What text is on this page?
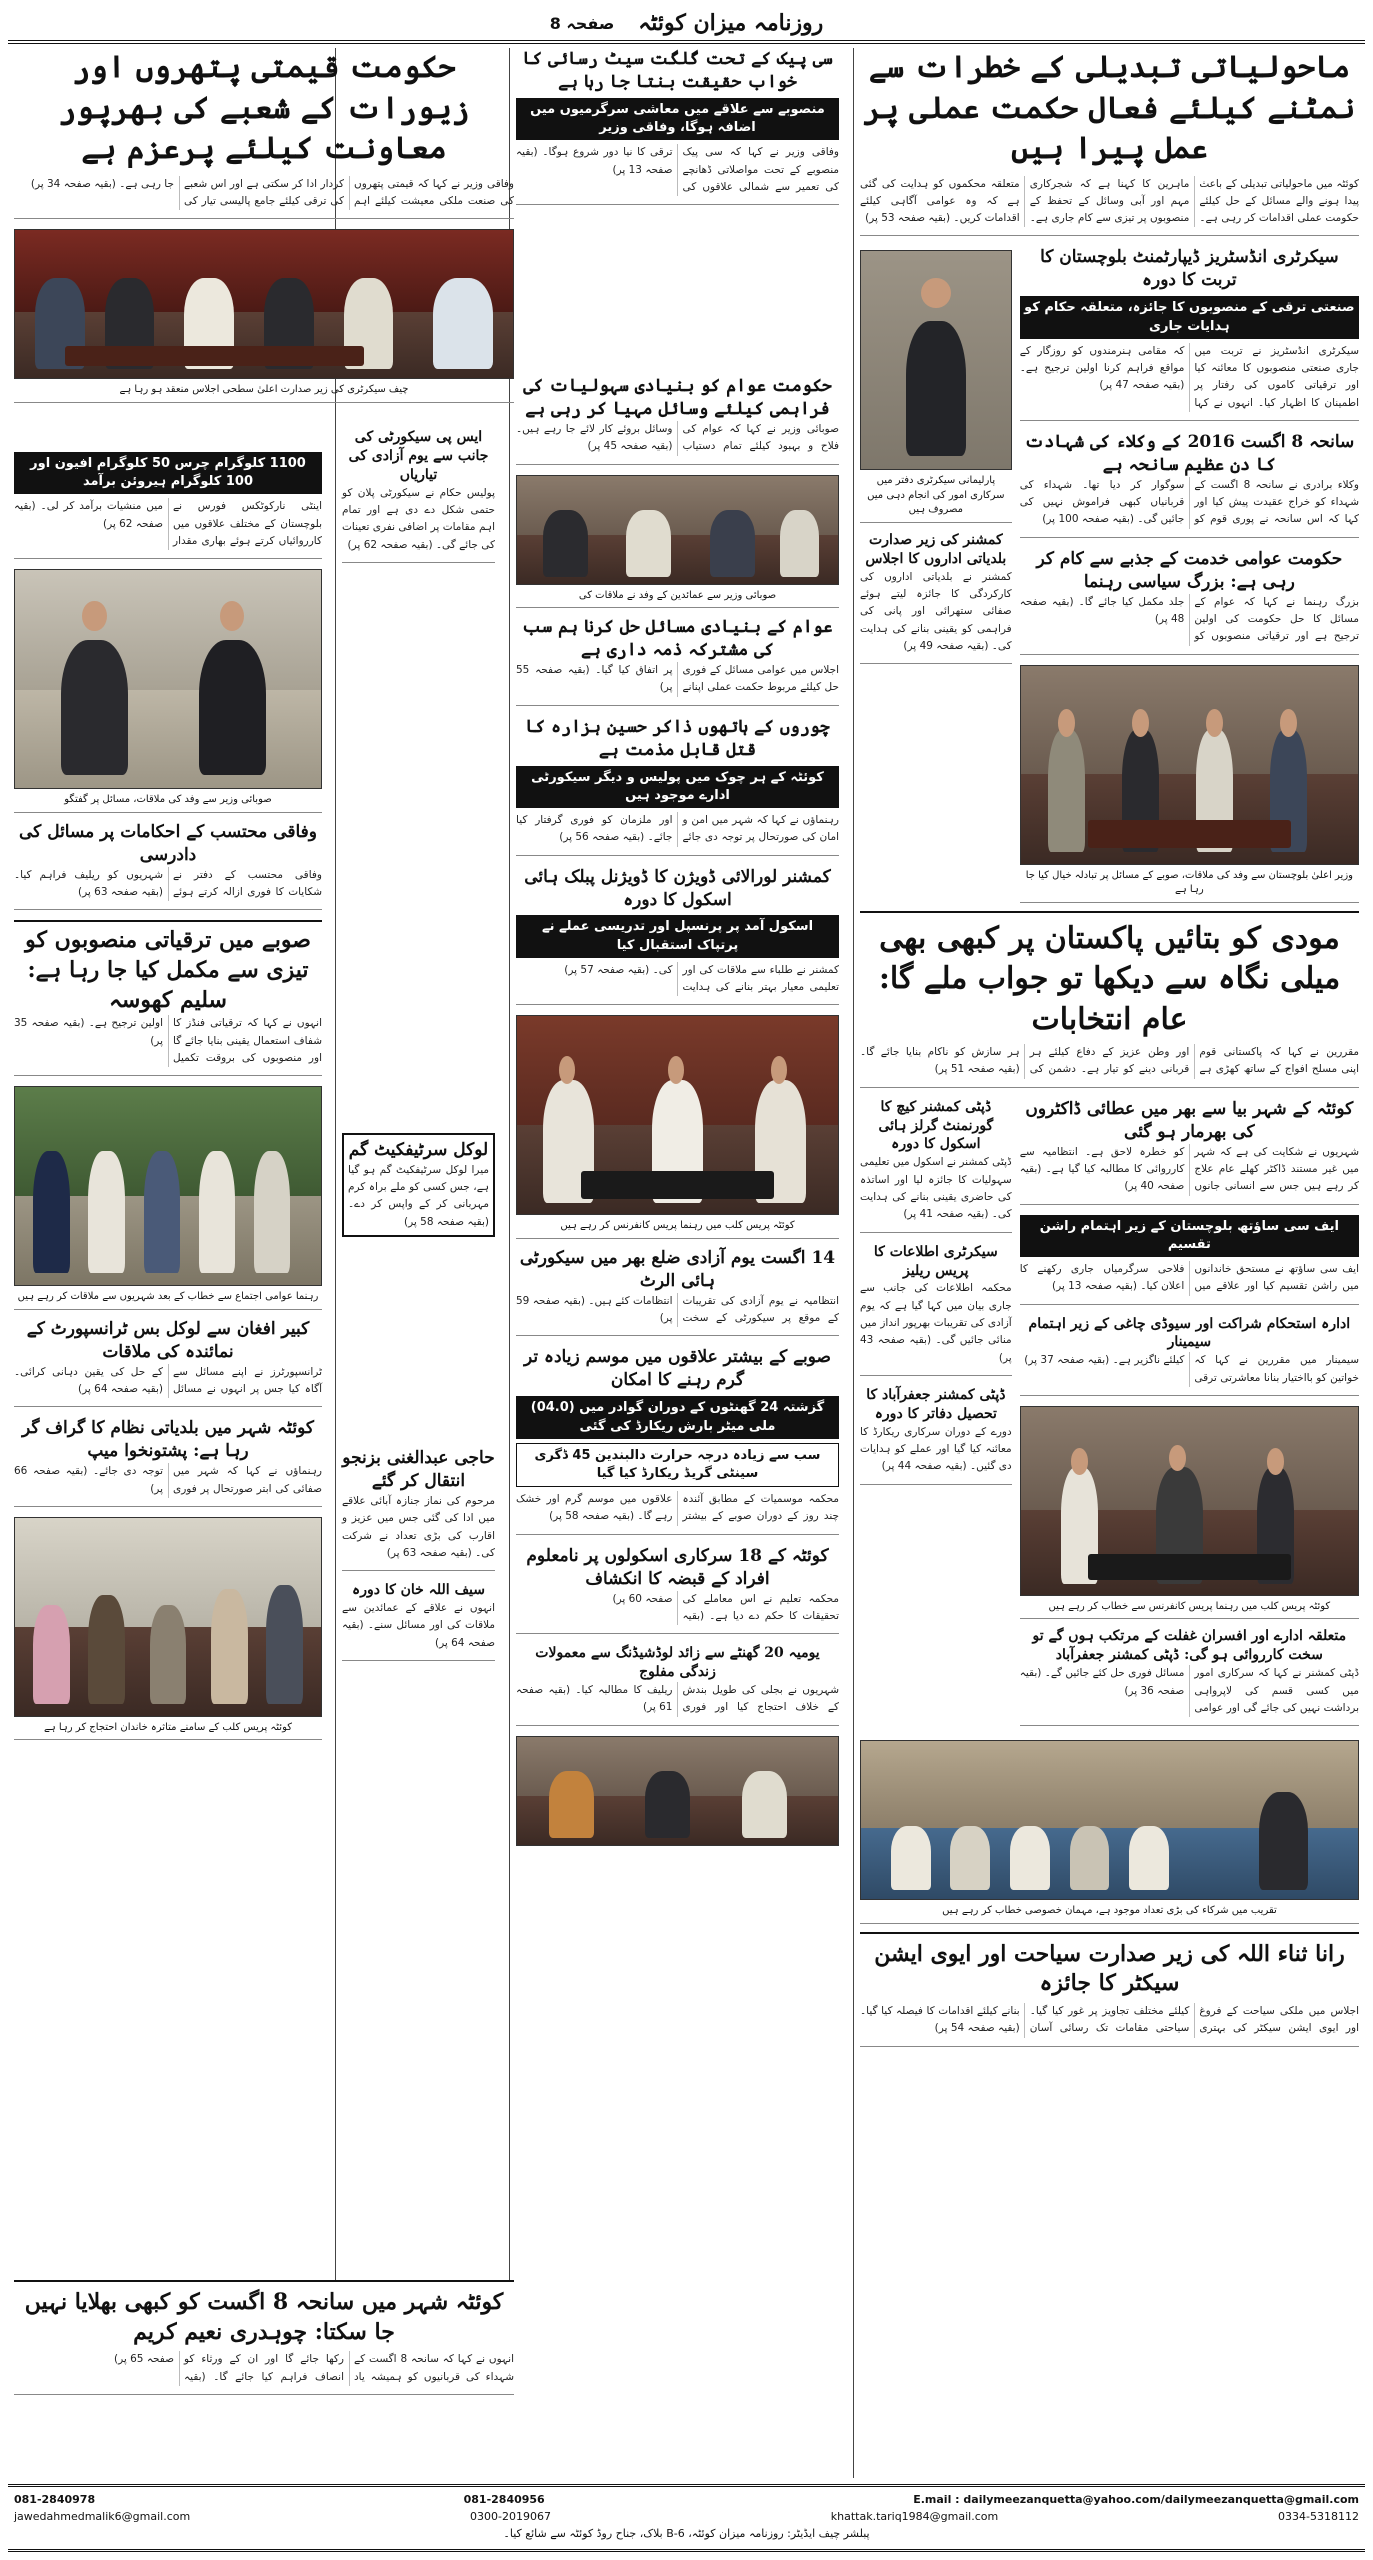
روزنامہ میزان کوئٹہ
صفحہ 8
ماحولیاتی تبدیلی کے خطرات سے نمٹنے کیلئے فعال حکمت عملی پر عمل پیرا ہیں
کوئٹہ میں ماحولیاتی تبدیلی کے باعث پیدا ہونے والے مسائل کے حل کیلئے حکومت عملی اقدامات کر رہی ہے۔ ماہرین کا کہنا ہے کہ شجرکاری مہم اور آبی وسائل کے تحفظ کے منصوبوں پر تیزی سے کام جاری ہے۔ متعلقہ محکموں کو ہدایت کی گئی ہے کہ وہ عوامی آگاہی کیلئے اقدامات کریں۔ (بقیہ صفحہ 53 پر)
سیکرٹری انڈسٹریز ڈیپارٹمنٹ بلوچستان کا تربت کا دورہ
صنعتی ترقی کے منصوبوں کا جائزہ، متعلقہ حکام کو ہدایات جاری
سیکرٹری انڈسٹریز نے تربت میں جاری صنعتی منصوبوں کا معائنہ کیا اور ترقیاتی کاموں کی رفتار پر اطمینان کا اظہار کیا۔ انہوں نے کہا کہ مقامی ہنرمندوں کو روزگار کے مواقع فراہم کرنا اولین ترجیح ہے۔ (بقیہ صفحہ 47 پر)
سانحہ 8 اگست 2016 کے وکلاء کی شہادت کا دن عظیم سانحہ ہے
وکلاء برادری نے سانحہ 8 اگست کے شہداء کو خراج عقیدت پیش کیا اور کہا کہ اس سانحہ نے پوری قوم کو سوگوار کر دیا تھا۔ شہداء کی قربانیاں کبھی فراموش نہیں کی جائیں گی۔ (بقیہ صفحہ 100 پر)
حکومت عوامی خدمت کے جذبے سے کام کر رہی ہے: بزرگ سیاسی رہنما
بزرگ رہنما نے کہا کہ عوام کے مسائل کا حل حکومت کی اولین ترجیح ہے اور ترقیاتی منصوبوں کو جلد مکمل کیا جائے گا۔ (بقیہ صفحہ 48 پر)
وزیر اعلیٰ بلوچستان سے وفد کی ملاقات، صوبے کے مسائل پر تبادلہ خیال کیا جا رہا ہے
پارلیمانی سیکرٹری دفتر میں سرکاری امور کی انجام دہی میں مصروف ہیں
کمشنر کی زیر صدارت بلدیاتی اداروں کا اجلاس
کمشنر نے بلدیاتی اداروں کی کارکردگی کا جائزہ لیتے ہوئے صفائی ستھرائی اور پانی کی فراہمی کو یقینی بنانے کی ہدایت کی۔ (بقیہ صفحہ 49 پر)
مودی کو بتائیں پاکستان پر کبھی بھی میلی نگاہ سے دیکھا تو جواب ملے گا: عام انتخابات
مقررین نے کہا کہ پاکستانی قوم اپنی مسلح افواج کے ساتھ کھڑی ہے اور وطن عزیز کے دفاع کیلئے ہر قربانی دینے کو تیار ہے۔ دشمن کی ہر سازش کو ناکام بنایا جائے گا۔ (بقیہ صفحہ 51 پر)
کوئٹہ کے شہر بیا سے بھر میں عطائی ڈاکٹروں کی بھرمار ہو گئی
شہریوں نے شکایت کی ہے کہ شہر میں غیر مستند ڈاکٹر کھلے عام علاج کر رہے ہیں جس سے انسانی جانوں کو خطرہ لاحق ہے۔ انتظامیہ سے کارروائی کا مطالبہ کیا گیا ہے۔ (بقیہ صفحہ 40 پر)
ایف سی ساؤتھ بلوچستان کے زیر اہتمام راشن تقسیم
ایف سی ساؤتھ نے مستحق خاندانوں میں راشن تقسیم کیا اور علاقے میں فلاحی سرگرمیاں جاری رکھنے کا اعلان کیا۔ (بقیہ صفحہ 13 پر)
ادارہ استحکام شراکت اور سیوڈی چاغی کے زیر اہتمام سیمینار
سیمینار میں مقررین نے کہا کہ خواتین کو بااختیار بنانا معاشرتی ترقی کیلئے ناگزیر ہے۔ (بقیہ صفحہ 37 پر)
کوئٹہ پریس کلب میں رہنما پریس کانفرنس سے خطاب کر رہے ہیں
متعلقہ ادارے اور افسران غفلت کے مرتکب ہوں گے تو سخت کارروائی ہو گی: ڈپٹی کمشنر جعفرآباد
ڈپٹی کمشنر نے کہا کہ سرکاری امور میں کسی قسم کی لاپرواہی برداشت نہیں کی جائے گی اور عوامی مسائل فوری حل کئے جائیں گے۔ (بقیہ صفحہ 36 پر)
ڈپٹی کمشنر کیچ کا گورنمنٹ گرلز ہائی اسکول کا دورہ
ڈپٹی کمشنر نے اسکول میں تعلیمی سہولیات کا جائزہ لیا اور اساتذہ کی حاضری یقینی بنانے کی ہدایت کی۔ (بقیہ صفحہ 41 پر)
سیکرٹری اطلاعات کا پریس ریلیز
محکمہ اطلاعات کی جانب سے جاری بیان میں کہا گیا ہے کہ یوم آزادی کی تقریبات بھرپور انداز میں منائی جائیں گی۔ (بقیہ صفحہ 43 پر)
ڈپٹی کمشنر جعفرآباد کا تحصیل دفاتر کا دورہ
دورے کے دوران سرکاری ریکارڈ کا معائنہ کیا گیا اور عملے کو ہدایات دی گئیں۔ (بقیہ صفحہ 44 پر)
تقریب میں شرکاء کی بڑی تعداد موجود ہے، مہمان خصوصی خطاب کر رہے ہیں
رانا ثناء اللہ کی زیر صدارت سیاحت اور ایوی ایشن سیکٹر کا جائزہ
اجلاس میں ملکی سیاحت کے فروغ اور ایوی ایشن سیکٹر کی بہتری کیلئے مختلف تجاویز پر غور کیا گیا۔ سیاحتی مقامات تک رسائی آسان بنانے کیلئے اقدامات کا فیصلہ کیا گیا۔ (بقیہ صفحہ 54 پر)
سی پیک کے تحت گلگت سیٹ رسائی کا خواب حقیقت بنتا جا رہا ہے
منصوبے سے علاقے میں معاشی سرگرمیوں میں اضافہ ہوگا، وفاقی وزیر
وفاقی وزیر نے کہا کہ سی پیک منصوبے کے تحت مواصلاتی ڈھانچے کی تعمیر سے شمالی علاقوں کی ترقی کا نیا دور شروع ہوگا۔ (بقیہ صفحہ 13 پر)
حکومت عوام کو بنیادی سہولیات کی فراہمی کیلئے وسائل مہیا کر رہی ہے
صوبائی وزیر نے کہا کہ عوام کی فلاح و بہبود کیلئے تمام دستیاب وسائل بروئے کار لائے جا رہے ہیں۔ (بقیہ صفحہ 45 پر)
صوبائی وزیر سے عمائدین کے وفد نے ملاقات کی
عوام کے بنیادی مسائل حل کرنا ہم سب کی مشترکہ ذمہ داری ہے
اجلاس میں عوامی مسائل کے فوری حل کیلئے مربوط حکمت عملی اپنانے پر اتفاق کیا گیا۔ (بقیہ صفحہ 55 پر)
چوروں کے ہاتھوں ذاکر حسین ہزارہ کا قتل قابل مذمت ہے
کوئٹہ کے ہر چوک میں پولیس و دیگر سیکورٹی ادارے موجود ہیں
رہنماؤں نے کہا کہ شہر میں امن و امان کی صورتحال پر توجہ دی جائے اور ملزمان کو فوری گرفتار کیا جائے۔ (بقیہ صفحہ 56 پر)
کمشنر لورالائی ڈویژن کا ڈویژنل پبلک ہائی اسکول کا دورہ
اسکول آمد پر پرنسپل اور تدریسی عملے نے پرتپاک استقبال کیا
کمشنر نے طلباء سے ملاقات کی اور تعلیمی معیار بہتر بنانے کی ہدایت کی۔ (بقیہ صفحہ 57 پر)
کوئٹہ پریس کلب میں رہنما پریس کانفرنس کر رہے ہیں
14 اگست یوم آزادی ضلع بھر میں سیکورٹی ہائی الرٹ
انتظامیہ نے یوم آزادی کی تقریبات کے موقع پر سیکورٹی کے سخت انتظامات کئے ہیں۔ (بقیہ صفحہ 59 پر)
صوبے کے بیشتر علاقوں میں موسم زیادہ تر گرم رہنے کا امکان
گزشتہ 24 گھنٹوں کے دوران گوادر میں (04.0) ملی میٹر بارش ریکارڈ کی گئی
سب سے زیادہ درجہ حرارت دالبندین 45 ڈگری سینٹی گریڈ ریکارڈ کیا گیا
محکمہ موسمیات کے مطابق آئندہ چند روز کے دوران صوبے کے بیشتر علاقوں میں موسم گرم اور خشک رہے گا۔ (بقیہ صفحہ 58 پر)
کوئٹہ کے 18 سرکاری اسکولوں پر نامعلوم افراد کے قبضہ کا انکشاف
محکمہ تعلیم نے اس معاملے کی تحقیقات کا حکم دے دیا ہے۔ (بقیہ صفحہ 60 پر)
یومیہ 20 گھنٹے سے زائد لوڈشیڈنگ سے معمولات زندگی مفلوج
شہریوں نے بجلی کی طویل بندش کے خلاف احتجاج کیا اور فوری ریلیف کا مطالبہ کیا۔ (بقیہ صفحہ 61 پر)
ایس پی سیکورٹی کی جانب سے یوم آزادی کی تیاریاں
پولیس حکام نے سیکورٹی پلان کو حتمی شکل دے دی ہے اور تمام اہم مقامات پر اضافی نفری تعینات کی جائے گی۔ (بقیہ صفحہ 62 پر)
لوکل سرٹیفکیٹ گم
میرا لوکل سرٹیفکیٹ گم ہو گیا ہے، جس کسی کو ملے براہ کرم مہربانی کر کے واپس کر دے۔ (بقیہ صفحہ 58 پر)
حاجی عبدالغنی بزنجو انتقال کر گئے
مرحوم کی نماز جنازہ آبائی علاقے میں ادا کی گئی جس میں عزیز و اقارب کی بڑی تعداد نے شرکت کی۔ (بقیہ صفحہ 63 پر)
سیف اللہ خان کا دورہ
انہوں نے علاقے کے عمائدین سے ملاقات کی اور مسائل سنے۔ (بقیہ صفحہ 64 پر)
حکومت قیمتی پتھروں اور زیورات کے شعبے کی بھرپور معاونت کیلئے پرعزم ہے
وفاقی وزیر نے کہا کہ قیمتی پتھروں کی صنعت ملکی معیشت کیلئے اہم کردار ادا کر سکتی ہے اور اس شعبے کی ترقی کیلئے جامع پالیسی تیار کی جا رہی ہے۔ (بقیہ صفحہ 34 پر)
چیف سیکرٹری کی زیر صدارت اعلیٰ سطحی اجلاس منعقد ہو رہا ہے
1100 کلوگرام چرس 50 کلوگرام افیون اور 100 کلوگرام ہیروئن برآمد
اینٹی نارکوٹکس فورس نے بلوچستان کے مختلف علاقوں میں کارروائیاں کرتے ہوئے بھاری مقدار میں منشیات برآمد کر لی۔ (بقیہ صفحہ 62 پر)
صوبائی وزیر سے وفد کی ملاقات، مسائل پر گفتگو
وفاقی محتسب کے احکامات پر مسائل کی دادرسی
وفاقی محتسب کے دفتر نے شکایات کا فوری ازالہ کرتے ہوئے شہریوں کو ریلیف فراہم کیا۔ (بقیہ صفحہ 63 پر)
صوبے میں ترقیاتی منصوبوں کو تیزی سے مکمل کیا جا رہا ہے: سلیم کھوسہ
انہوں نے کہا کہ ترقیاتی فنڈز کا شفاف استعمال یقینی بنایا جائے گا اور منصوبوں کی بروقت تکمیل اولین ترجیح ہے۔ (بقیہ صفحہ 35 پر)
رہنما عوامی اجتماع سے خطاب کے بعد شہریوں سے ملاقات کر رہے ہیں
کبیر افغان سے لوکل بس ٹرانسپورٹ کے نمائندہ کی ملاقات
ٹرانسپورٹرز نے اپنے مسائل سے آگاہ کیا جس پر انہوں نے مسائل کے حل کی یقین دہانی کرائی۔ (بقیہ صفحہ 64 پر)
کوئٹہ شہر میں بلدیاتی نظام کا گراف گر رہا ہے: پشتونخوا میپ
رہنماؤں نے کہا کہ شہر میں صفائی کی ابتر صورتحال پر فوری توجہ دی جائے۔ (بقیہ صفحہ 66 پر)
کوئٹہ پریس کلب کے سامنے متاثرہ خاندان احتجاج کر رہا ہے
کوئٹہ شہر میں سانحہ 8 اگست کو کبھی بھلایا نہیں جا سکتا: چوہدری نعیم کریم
انہوں نے کہا کہ سانحہ 8 اگست کے شہداء کی قربانیوں کو ہمیشہ یاد رکھا جائے گا اور ان کے ورثاء کو انصاف فراہم کیا جائے گا۔ (بقیہ صفحہ 65 پر)
081-2840978	081-2840956	E.mail : dailymeezanquetta@yahoo.com/dailymeezanquetta@gmail.com
jawedahmedmalik6@gmail.com	0300-2019067	khattak.tariq1984@gmail.com	0334-5318112
پبلشر چیف ایڈیٹر: روزنامہ میزان کوئٹہ، B-6 بلاک، جناح روڈ کوئٹہ سے شائع کیا۔
